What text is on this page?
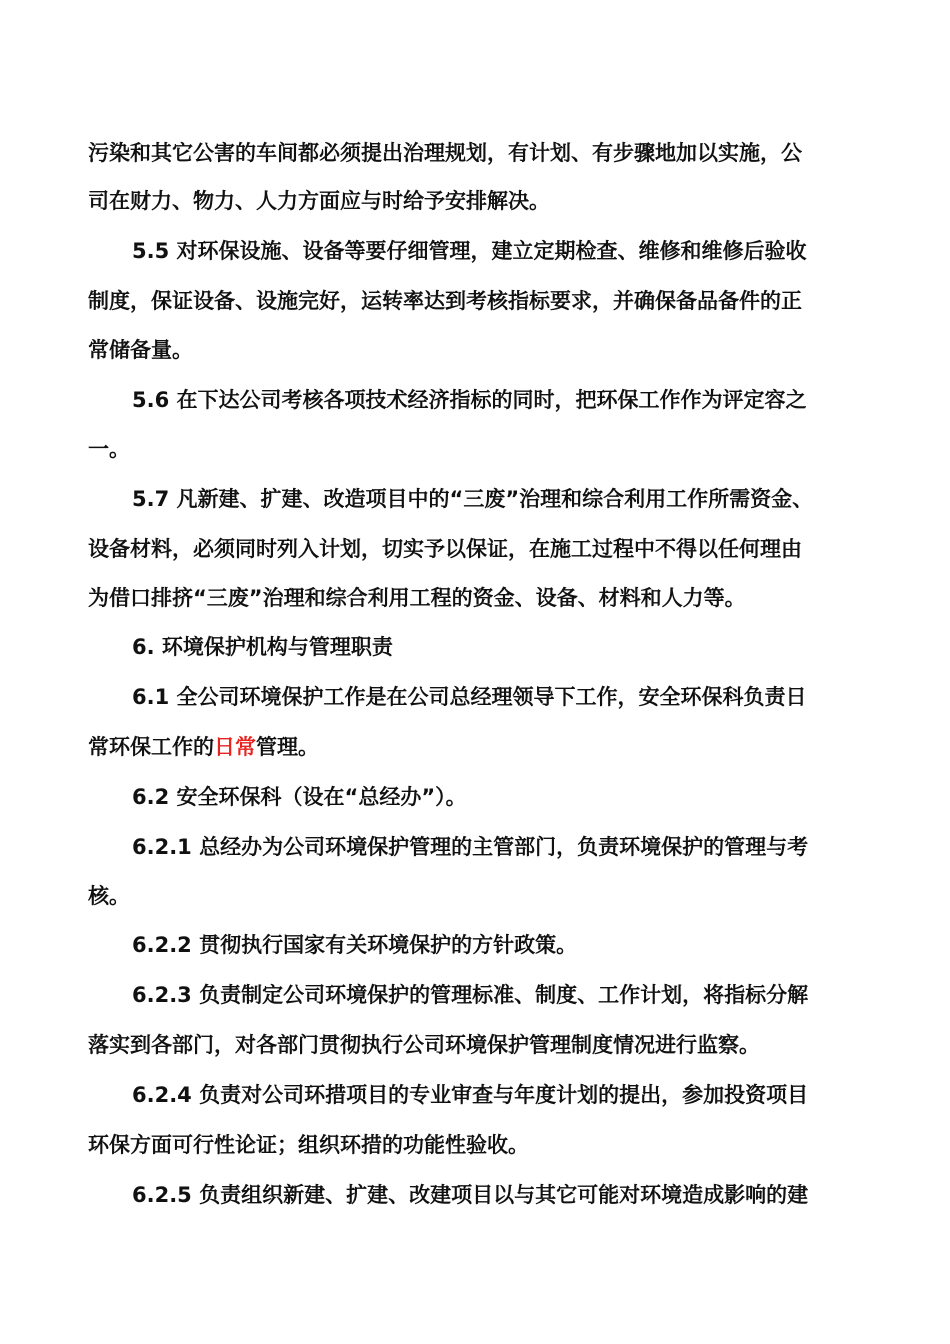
污染和其它公害的车间都必须提出治理规划，有计划、有步骤地加以实施，公
司在财力、物力、人力方面应与时给予安排解决。
5.5 对环保设施、设备等要仔细管理，建立定期检查、维修和维修后验收
制度，保证设备、设施完好，运转率达到考核指标要求，并确保备品备件的正
常储备量。
5.6 在下达公司考核各项技术经济指标的同时，把环保工作作为评定容之
一。
5.7 凡新建、扩建、改造项目中的“三废”治理和综合利用工作所需资金、
设备材料，必须同时列入计划，切实予以保证，在施工过程中不得以任何理由
为借口排挤“三废”治理和综合利用工程的资金、设备、材料和人力等。
6. 环境保护机构与管理职责
6.1 全公司环境保护工作是在公司总经理领导下工作，安全环保科负责日
常环保工作的日常管理。
6.2 安全环保科（设在“总经办”）。
6.2.1 总经办为公司环境保护管理的主管部门，负责环境保护的管理与考
核。
6.2.2 贯彻执行国家有关环境保护的方针政策。
6.2.3 负责制定公司环境保护的管理标准、制度、工作计划，将指标分解
落实到各部门，对各部门贯彻执行公司环境保护管理制度情况进行监察。
6.2.4 负责对公司环措项目的专业审查与年度计划的提出，参加投资项目
环保方面可行性论证；组织环措的功能性验收。
6.2.5 负责组织新建、扩建、改建项目以与其它可能对环境造成影响的建
